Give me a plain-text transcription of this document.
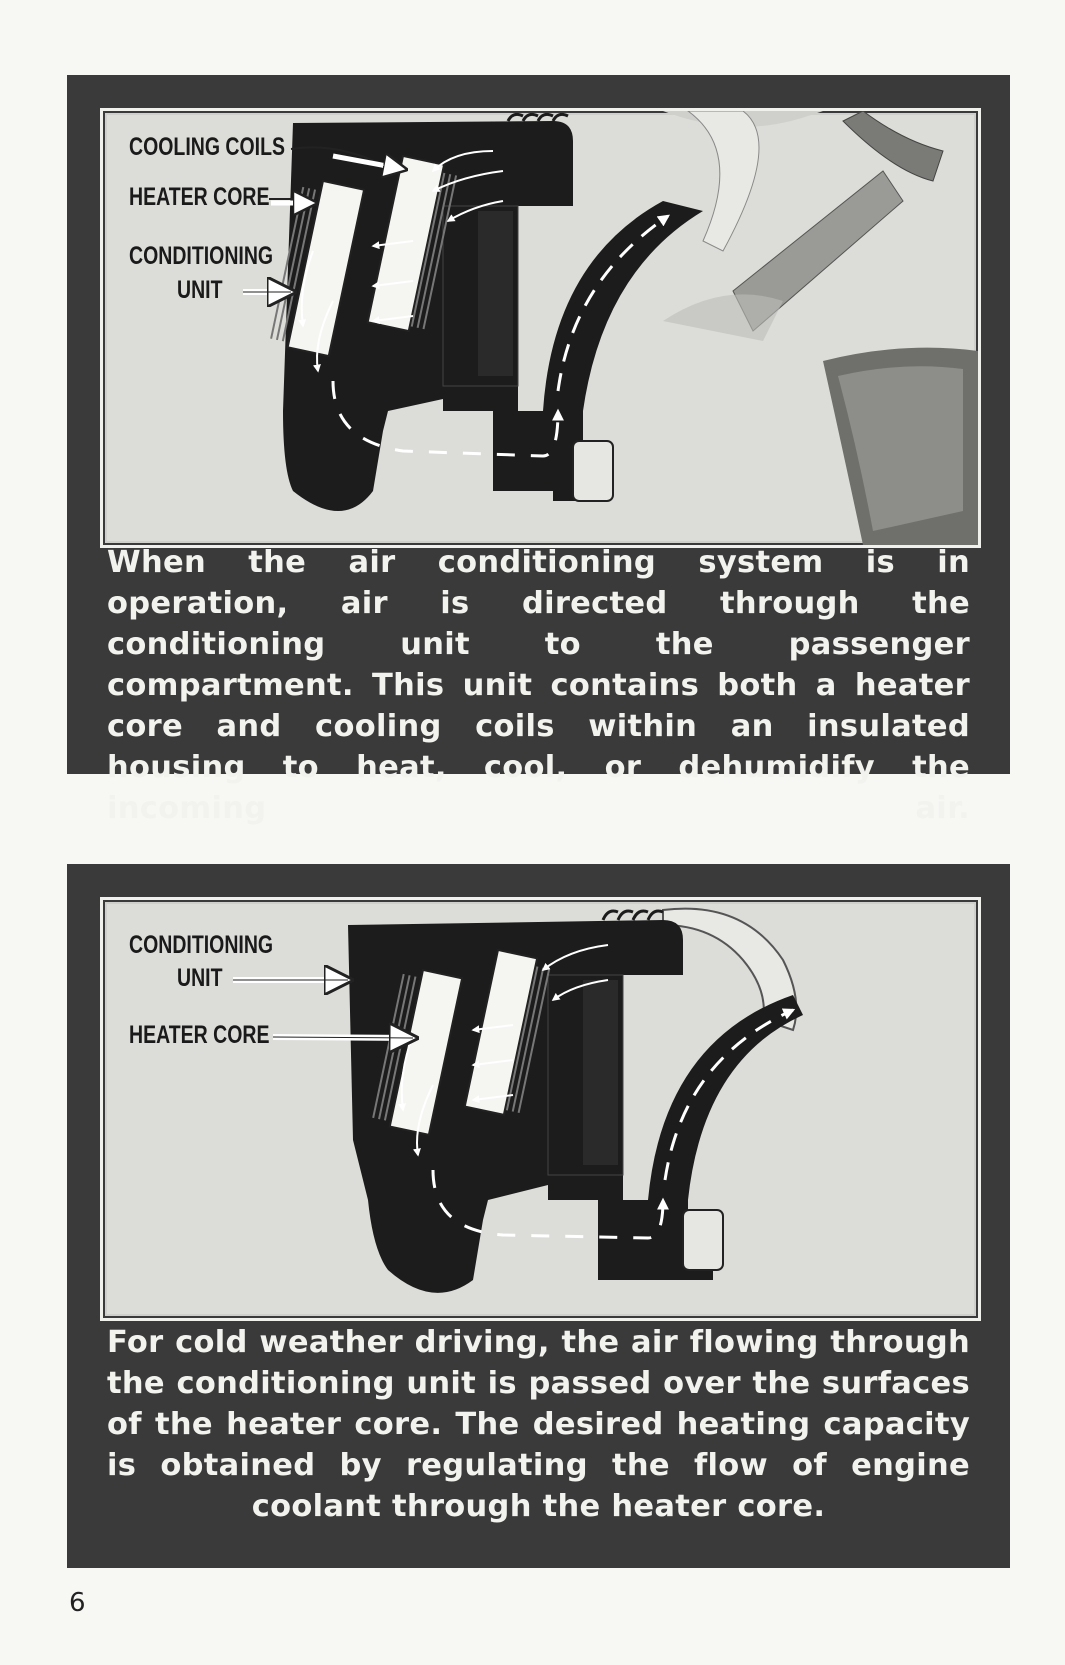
COOLING COILS
HEATER CORE
CONDITIONING
UNIT
When the air conditioning system is in operation, air is directed through the conditioning unit to the passenger compartment. This unit contains both a heater core and cooling coils within an insulated housing to heat, cool, or dehumidify the incoming air.
CONDITIONING
UNIT
HEATER CORE
For cold weather driving, the air flowing through the conditioning unit is passed over the surfaces of the heater core. The desired heating capacity is obtained by regulating the flow of engine coolant through the heater core.
6
